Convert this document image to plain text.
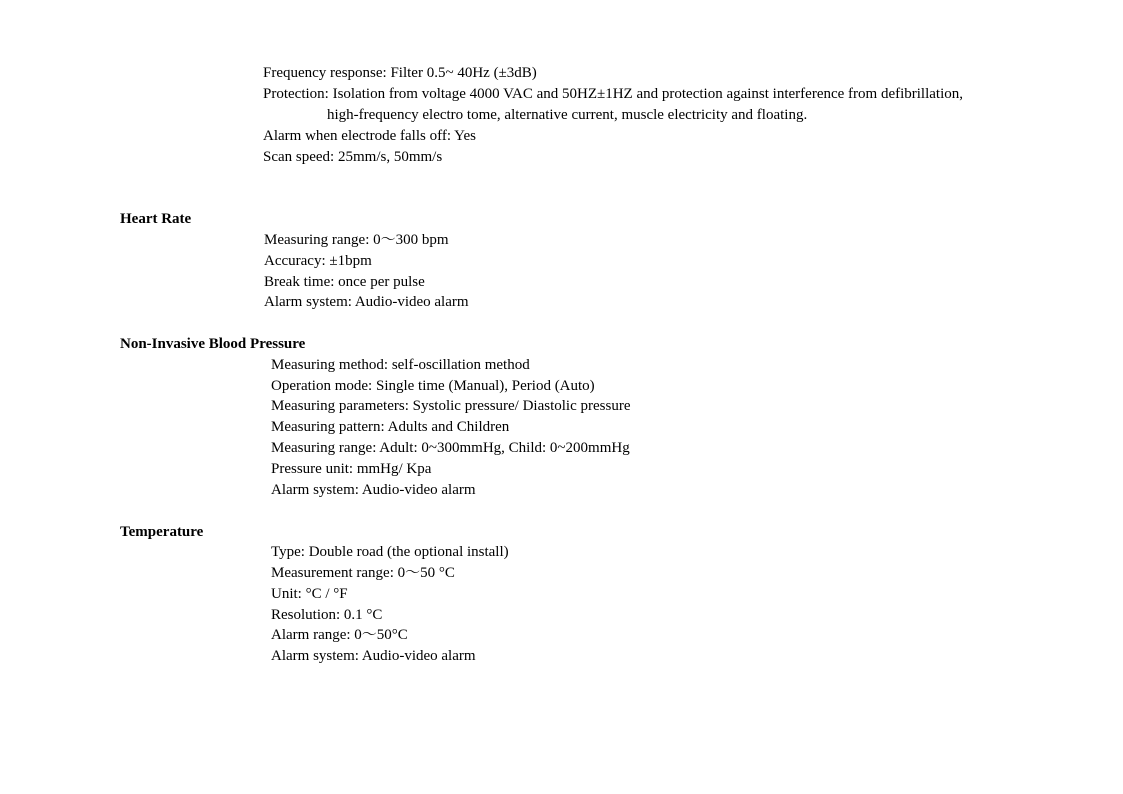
Frequency response: Filter 0.5~ 40Hz (±3dB)
Protection: Isolation from voltage 4000 VAC and 50HZ±1HZ and protection against interference from defibrillation,
high-frequency electro tome, alternative current, muscle electricity and floating.
Alarm when electrode falls off: Yes
Scan speed: 25mm/s, 50mm/s
Heart Rate
Measuring range: 0～300 bpm
Accuracy: ±1bpm
Break time: once per pulse
Alarm system: Audio-video alarm
Non-Invasive Blood Pressure
Measuring method: self-oscillation method
Operation mode: Single time (Manual), Period (Auto)
Measuring parameters: Systolic pressure/ Diastolic pressure
Measuring pattern: Adults and Children
Measuring range: Adult: 0~300mmHg, Child: 0~200mmHg
Pressure unit: mmHg/ Kpa
Alarm system: Audio-video alarm
Temperature
Type: Double road (the optional install)
Measurement range: 0～50 °C
Unit: °C / °F
Resolution: 0.1 °C
Alarm range: 0～50°C
Alarm system: Audio-video alarm
